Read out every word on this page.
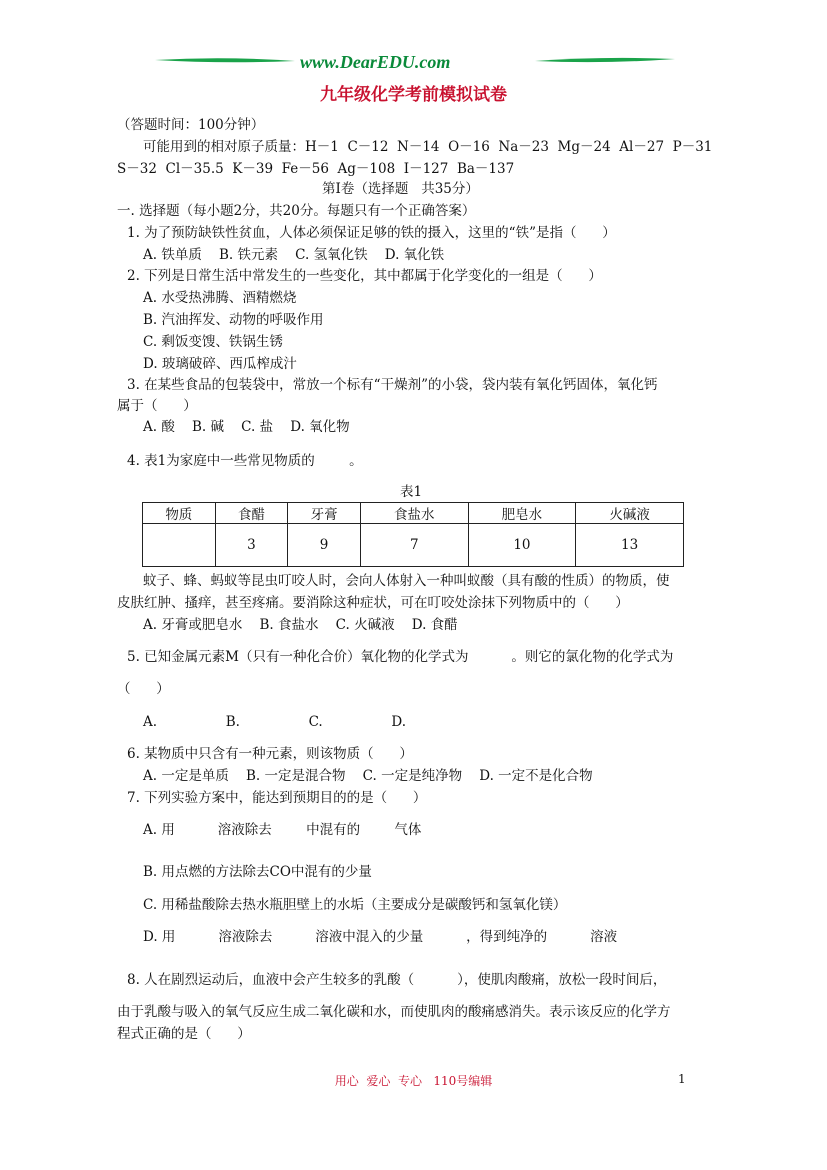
www.DearEDU.com
九年级化学考前模拟试卷
（答题时间：100分钟）
可能用到的相对原子质量：H－1  C－12  N－14  O－16  Na－23  Mg－24  Al－27  P－31
S－32  Cl－35.5  K－39  Fe－56  Ag－108  I－127  Ba－137
第Ⅰ卷（选择题   共35分）
一. 选择题（每小题2分，共20分。每题只有一个正确答案）
1. 为了预防缺铁性贫血，人体必须保证足够的铁的摄入，这里的“铁”是指（      ）
A. 铁单质    B. 铁元素    C. 氢氧化铁    D. 氧化铁
2. 下列是日常生活中常发生的一些变化，其中都属于化学变化的一组是（      ）
A. 水受热沸腾、酒精燃烧
B. 汽油挥发、动物的呼吸作用
C. 剩饭变馊、铁锅生锈
D. 玻璃破碎、西瓜榨成汁
3. 在某些食品的包装袋中，常放一个标有“干燥剂”的小袋，袋内装有氧化钙固体，氧化钙
属于（      ）
A. 酸    B. 碱    C. 盐    D. 氧化物
4. 表1为家庭中一些常见物质的        。
表1
物质	食醋	牙膏	食盐水	肥皂水	火碱液
	3	9	7	10	13
蚊子、蜂、蚂蚁等昆虫叮咬人时，会向人体射入一种叫蚁酸（具有酸的性质）的物质，使
皮肤红肿、搔痒，甚至疼痛。要消除这种症状，可在叮咬处涂抹下列物质中的（      ）
A. 牙膏或肥皂水    B. 食盐水    C. 火碱液    D. 食醋
5. 已知金属元素M（只有一种化合价）氧化物的化学式为          。则它的氯化物的化学式为
（      ）
A.                B.                C.                D.
6. 某物质中只含有一种元素，则该物质（      ）
A. 一定是单质    B. 一定是混合物    C. 一定是纯净物    D. 一定不是化合物
7. 下列实验方案中，能达到预期目的的是（      ）
A. 用          溶液除去        中混有的        气体
B. 用点燃的方法除去CO中混有的少量
C. 用稀盐酸除去热水瓶胆壁上的水垢（主要成分是碳酸钙和氢氧化镁）
D. 用          溶液除去          溶液中混入的少量          ，得到纯净的          溶液
8. 人在剧烈运动后，血液中会产生较多的乳酸（          ），使肌肉酸痛，放松一段时间后，
由于乳酸与吸入的氧气反应生成二氧化碳和水，而使肌肉的酸痛感消失。表示该反应的化学方
程式正确的是（      ）
用心  爱心  专心   110号编辑	1
